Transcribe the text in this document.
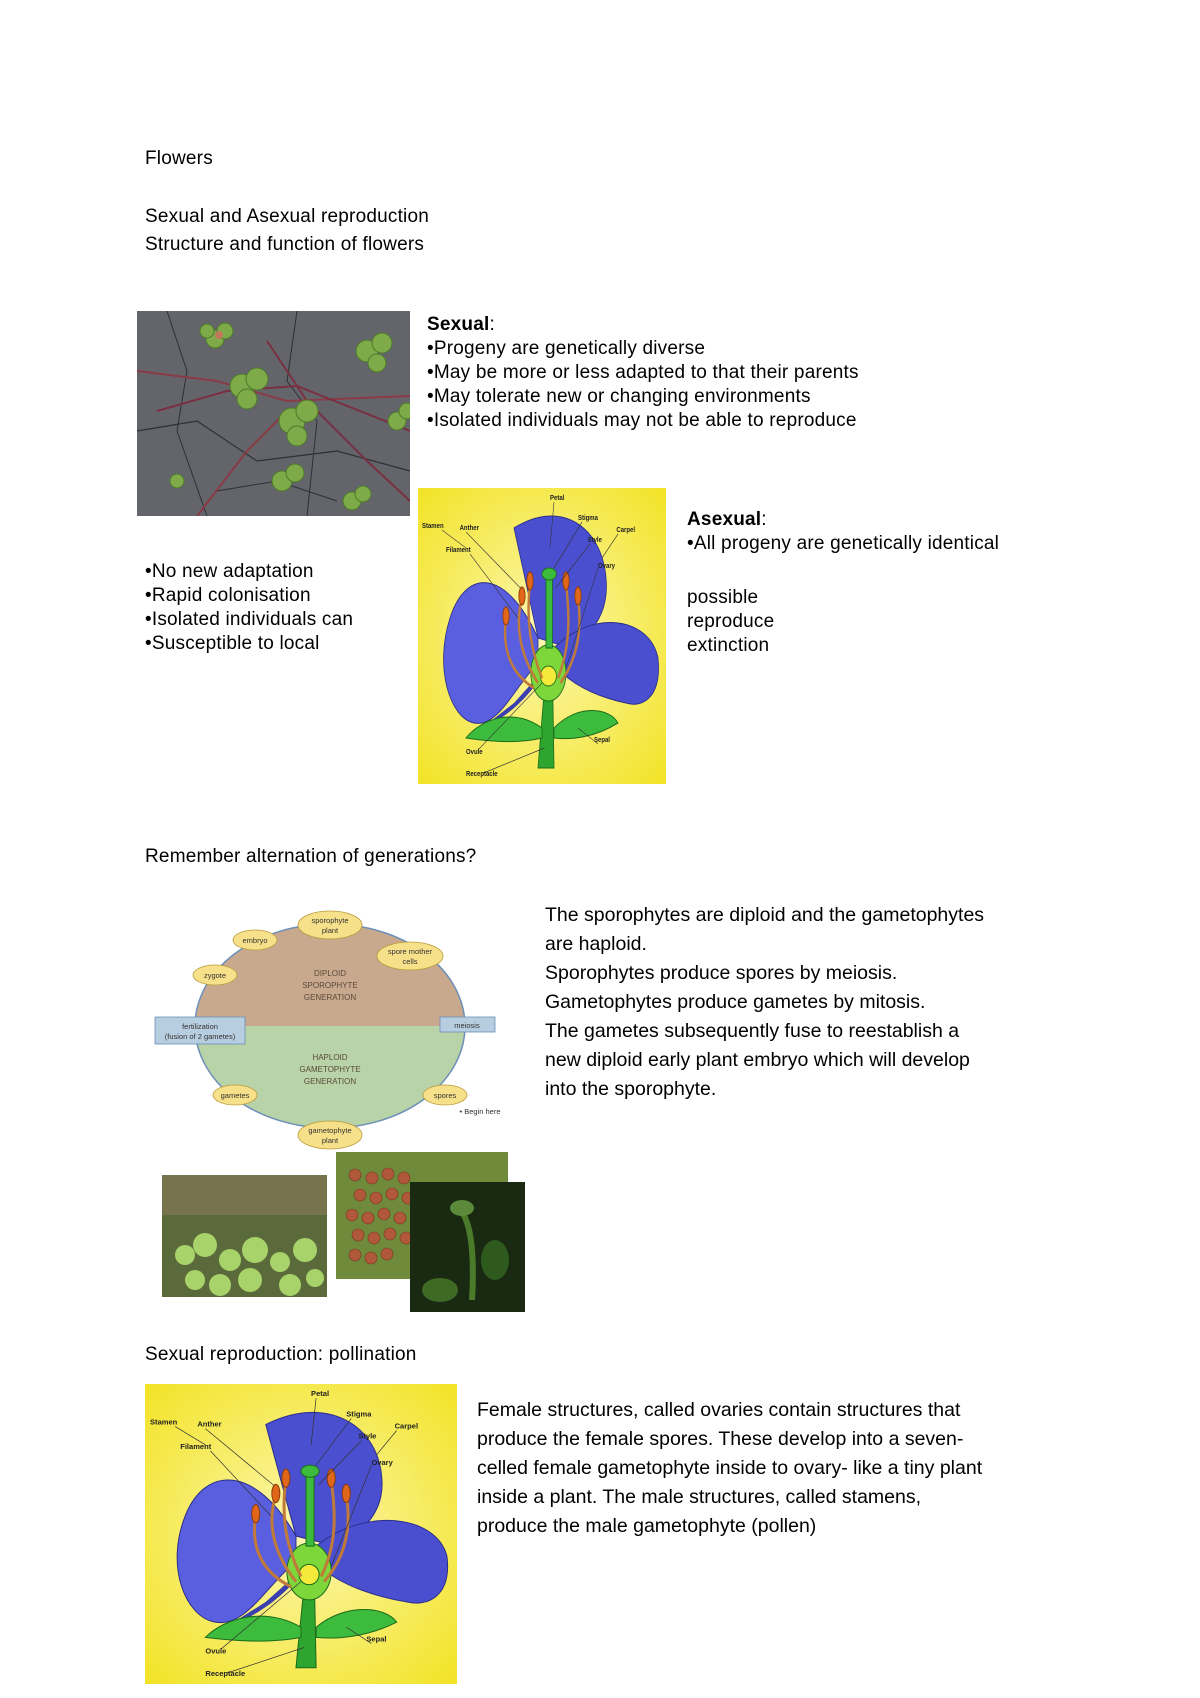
Flowers
Sexual and Asexual reproduction
Structure and function of flowers
Sexual:
•Progeny are genetically diverse
•May be more or less adapted to that their parents
•May tolerate new or changing environments
•Isolated individuals may not be able to reproduce
Petal
Stigma
Carpel
Style
Stamen Anther
Filament
Ovary
Sepal
Ovule
Receptacle
Asexual:
•All progeny are genetically identical
•No new adaptation
•Rapid colonisation
•Isolated individuals can
•Susceptible to local
possible
reproduce
extinction
Remember alternation of generations?
DIPLOID
SPOROPHYTE
GENERATION
HAPLOID
GAMETOPHYTE
GENERATION
sporophyte
plant
embryo
zygote
spore mother
cells
fertilization
(fusion of 2 gametes)
meiosis
gametes	spores
gametophyte
plant
• Begin here
The sporophytes are diploid and the gametophytes
are haploid.
Sporophytes produce spores by meiosis.
Gametophytes produce gametes by mitosis.
The gametes subsequently fuse to reestablish a
new diploid early plant embryo which will develop
into the sporophyte.
Sexual reproduction: pollination
Petal
Stigma
Carpel
Style
Stamen	Anther
Filament
Ovary
Sepal
Ovule
Receptacle
Female structures, called ovaries contain structures that
produce the female spores. These develop into a seven-
celled female gametophyte inside to ovary- like a tiny plant
inside a plant. The male structures, called stamens,
produce the male gametophyte (pollen)
